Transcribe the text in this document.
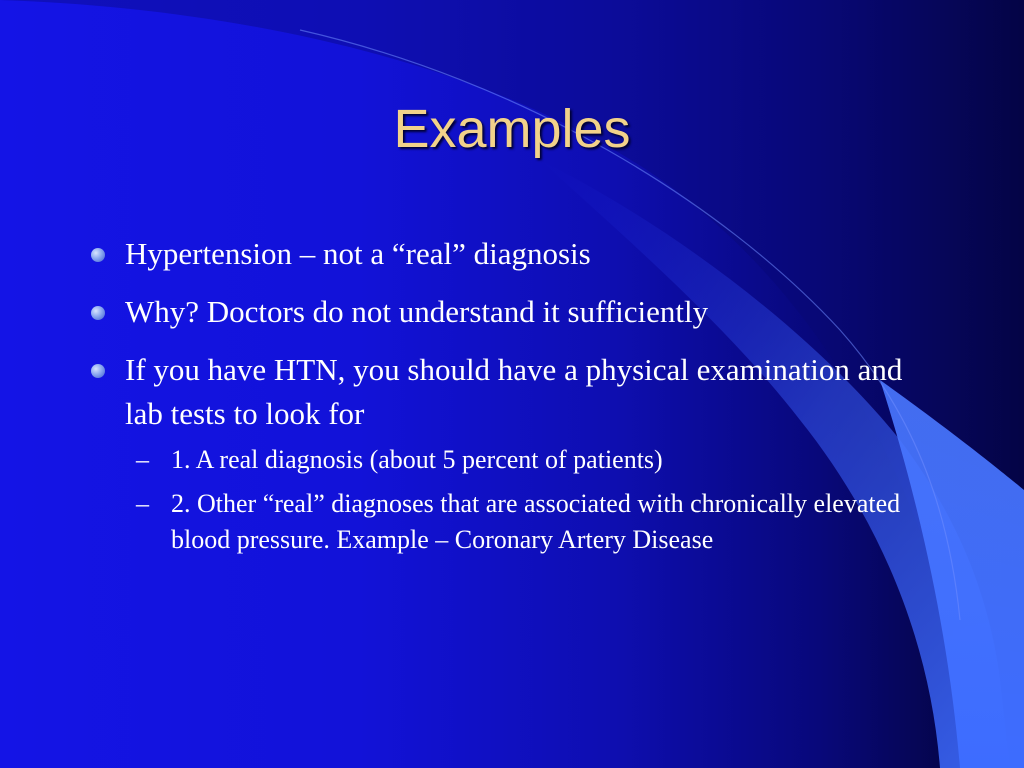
Examples
Hypertension – not a “real” diagnosis
Why? Doctors do not understand it sufficiently
If you have HTN, you should have a physical examination and lab tests to look for
– 1. A real diagnosis (about 5 percent of patients)
– 2. Other “real” diagnoses that are associated with chronically elevated blood pressure. Example – Coronary Artery Disease
